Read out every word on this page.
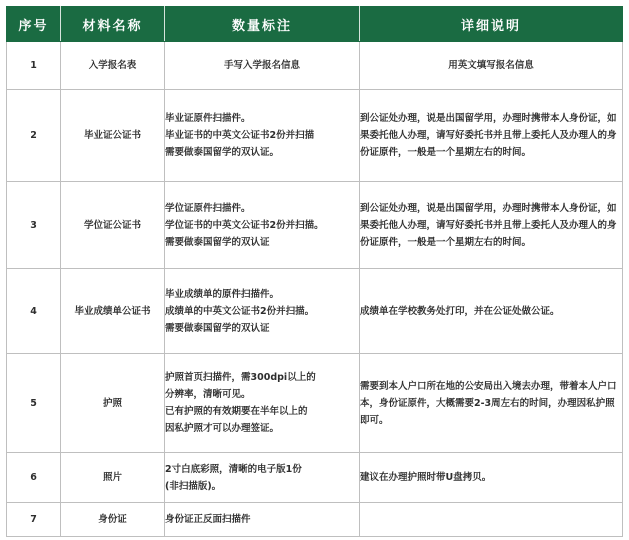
序号	材料名称	数量标注	详细说明
1	入学报名表	手写入学报名信息	用英文填写报名信息
2	毕业证公证书	毕业证原件扫描件。
毕业证书的中英文公证书2份并扫描
需要做泰国留学的双认证。	到公证处办理，说是出国留学用，办理时携带本人身份证，如果委托他人办理，请写好委托书并且带上委托人及办理人的身份证原件，一般是一个星期左右的时间。

3	学位证公证书	学位证原件扫描件。
学位证书的中英文公证书2份并扫描。
需要做泰国留学的双认证	到公证处办理，说是出国留学用，办理时携带本人身份证，如果委托他人办理，请写好委托书并且带上委托人及办理人的身份证原件，一般是一个星期左右的时间。

4	毕业成绩单公证书	毕业成绩单的原件扫描件。
成绩单的中英文公证书2份并扫描。
需要做泰国留学的双认证	成绩单在学校教务处打印，并在公证处做公证。

5	护照	护照首页扫描件，需300dpi以上的
分辨率，清晰可见。
已有护照的有效期要在半年以上的
因私护照才可以办理签证。	需要到本人户口所在地的公安局出入境去办理，带着本人户口本，身份证原件，大概需要2-3周左右的时间，办理因私护照即可。

6	照片	2寸白底彩照，清晰的电子版1份
(非扫描版)。	建议在办理护照时带U盘拷贝。

7	身份证	身份证正反面扫描件	
